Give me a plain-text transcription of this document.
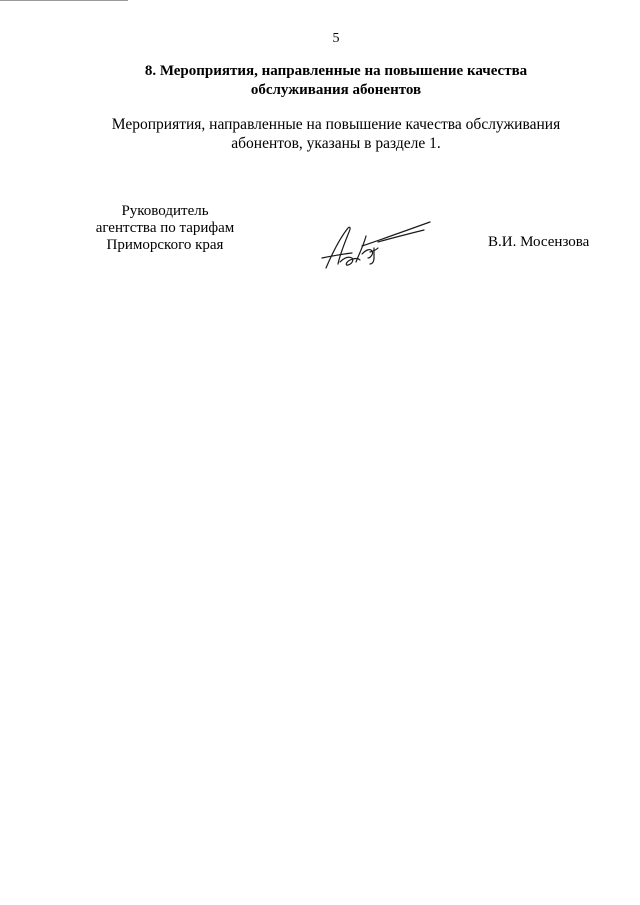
5
8. Мероприятия, направленные на повышение качества
обслуживания абонентов
Мероприятия, направленные на повышение качества обслуживания
абонентов, указаны в разделе 1.
Руководитель
агентства по тарифам
Приморского края	В.И. Мосензова
